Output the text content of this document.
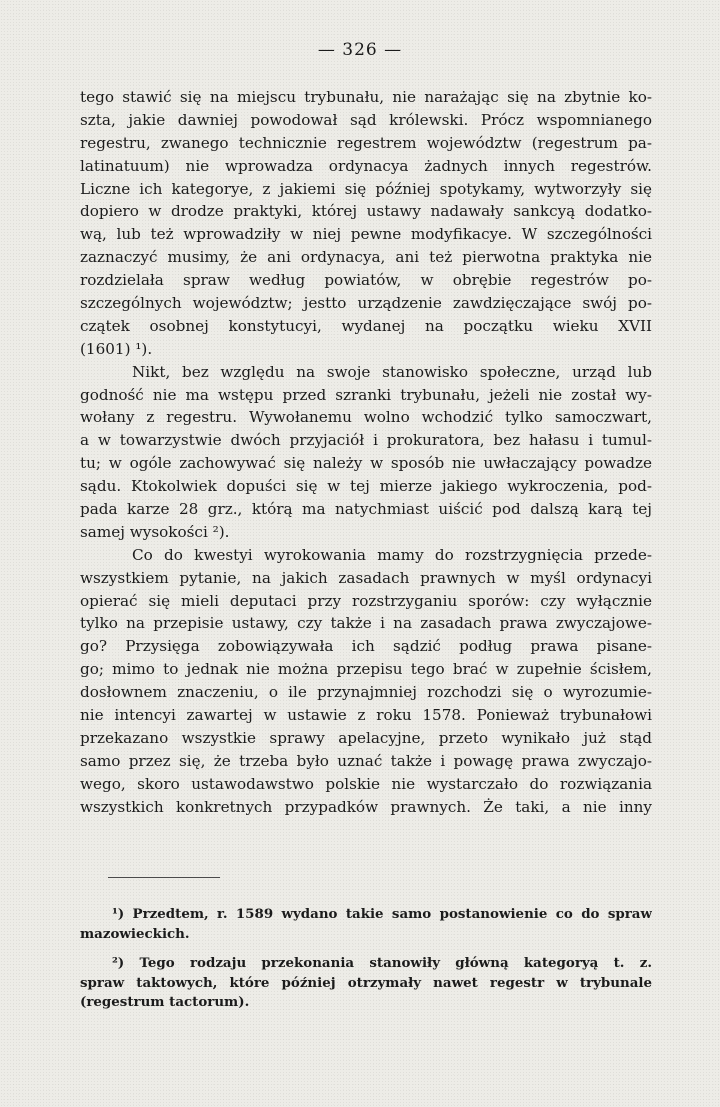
— 326 —
tego stawić się na miejscu trybunału, nie narażając się na zbytnie ko-
szta, jakie dawniej powodował sąd królewski. Prócz wspomnianego
regestru, zwanego technicznie regestrem województw (regestrum pa-
latinatuum) nie wprowadza ordynacya żadnych innych regestrów.
Liczne ich kategorye, z jakiemi się później spotykamy, wytworzyły się
dopiero w drodze praktyki, której ustawy nadawały sankcyą dodatko-
wą, lub też wprowadziły w niej pewne modyfikacye. W szczególności
zaznaczyć musimy, że ani ordynacya, ani też pierwotna praktyka nie
rozdzielała spraw według powiatów, w obrębie regestrów po-
szczególnych województw; jestto urządzenie zawdzięczające swój po-
czątek osobnej konstytucyi, wydanej na początku wieku XVII
(1601) ¹).
Nikt, bez względu na swoje stanowisko społeczne, urząd lub
godność nie ma wstępu przed szranki trybunału, jeżeli nie został wy-
wołany z regestru. Wywołanemu wolno wchodzić tylko samoczwart,
a w towarzystwie dwóch przyjaciół i prokuratora, bez hałasu i tumul-
tu; w ogóle zachowywać się należy w sposób nie uwłaczający powadze
sądu. Ktokolwiek dopuści się w tej mierze jakiego wykroczenia, pod-
pada karze 28 grz., którą ma natychmiast uiścić pod dalszą karą tej
samej wysokości ²).
Co do kwestyi wyrokowania mamy do rozstrzygnięcia przede-
wszystkiem pytanie, na jakich zasadach prawnych w myśl ordynacyi
opierać się mieli deputaci przy rozstrzyganiu sporów: czy wyłącznie
tylko na przepisie ustawy, czy także i na zasadach prawa zwyczajowe-
go? Przysięga zobowiązywała ich sądzić podług prawa pisane-
go; mimo to jednak nie można przepisu tego brać w zupełnie ścisłem,
dosłownem znaczeniu, o ile przynajmniej rozchodzi się o wyrozumie-
nie intencyi zawartej w ustawie z roku 1578. Ponieważ trybunałowi
przekazano wszystkie sprawy apelacyjne, przeto wynikało już stąd
samo przez się, że trzeba było uznać także i powagę prawa zwyczajo-
wego, skoro ustawodawstwo polskie nie wystarczało do rozwiązania
wszystkich konkretnych przypadków prawnych. Że taki, a nie inny
¹) Przedtem, r. 1589 wydano takie samo postanowienie co do spraw
mazowieckich.
²) Tego rodzaju przekonania stanowiły główną kategoryą t. z.
spraw taktowych, które później otrzymały nawet regestr w trybunale
(regestrum tactorum).
